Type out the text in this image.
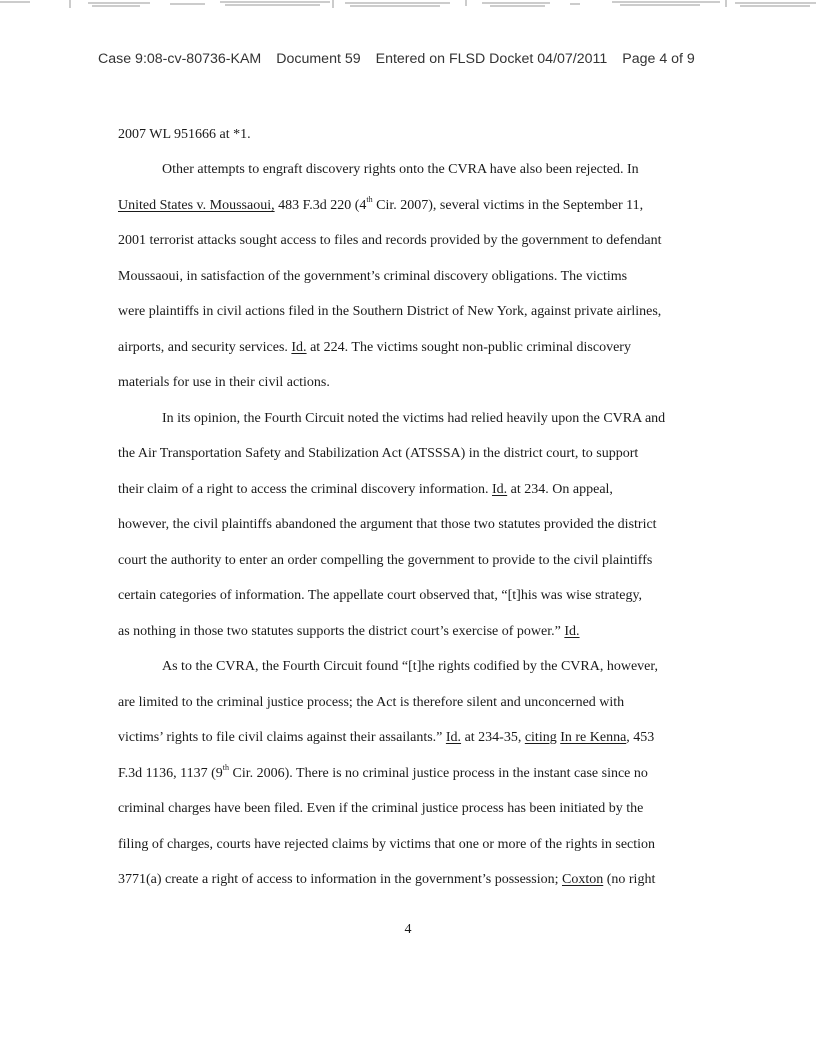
Case 9:08-cv-80736-KAM Document 59 Entered on FLSD Docket 04/07/2011 Page 4 of 9
2007 WL 951666 at *1.
Other attempts to engraft discovery rights onto the CVRA have also been rejected. In
United States v. Moussaoui, 483 F.3d 220 (4th Cir. 2007), several victims in the September 11,
2001 terrorist attacks sought access to files and records provided by the government to defendant
Moussaoui, in satisfaction of the government’s criminal discovery obligations. The victims
were plaintiffs in civil actions filed in the Southern District of New York, against private airlines,
airports, and security services. Id. at 224. The victims sought non-public criminal discovery
materials for use in their civil actions.
In its opinion, the Fourth Circuit noted the victims had relied heavily upon the CVRA and
the Air Transportation Safety and Stabilization Act (ATSSSA) in the district court, to support
their claim of a right to access the criminal discovery information. Id. at 234. On appeal,
however, the civil plaintiffs abandoned the argument that those two statutes provided the district
court the authority to enter an order compelling the government to provide to the civil plaintiffs
certain categories of information. The appellate court observed that, “[t]his was wise strategy,
as nothing in those two statutes supports the district court’s exercise of power.” Id.
As to the CVRA, the Fourth Circuit found “[t]he rights codified by the CVRA, however,
are limited to the criminal justice process; the Act is therefore silent and unconcerned with
victims’ rights to file civil claims against their assailants.” Id. at 234-35, citing In re Kenna, 453
F.3d 1136, 1137 (9th Cir. 2006). There is no criminal justice process in the instant case since no
criminal charges have been filed. Even if the criminal justice process has been initiated by the
filing of charges, courts have rejected claims by victims that one or more of the rights in section
3771(a) create a right of access to information in the government’s possession; Coxton (no right
4
